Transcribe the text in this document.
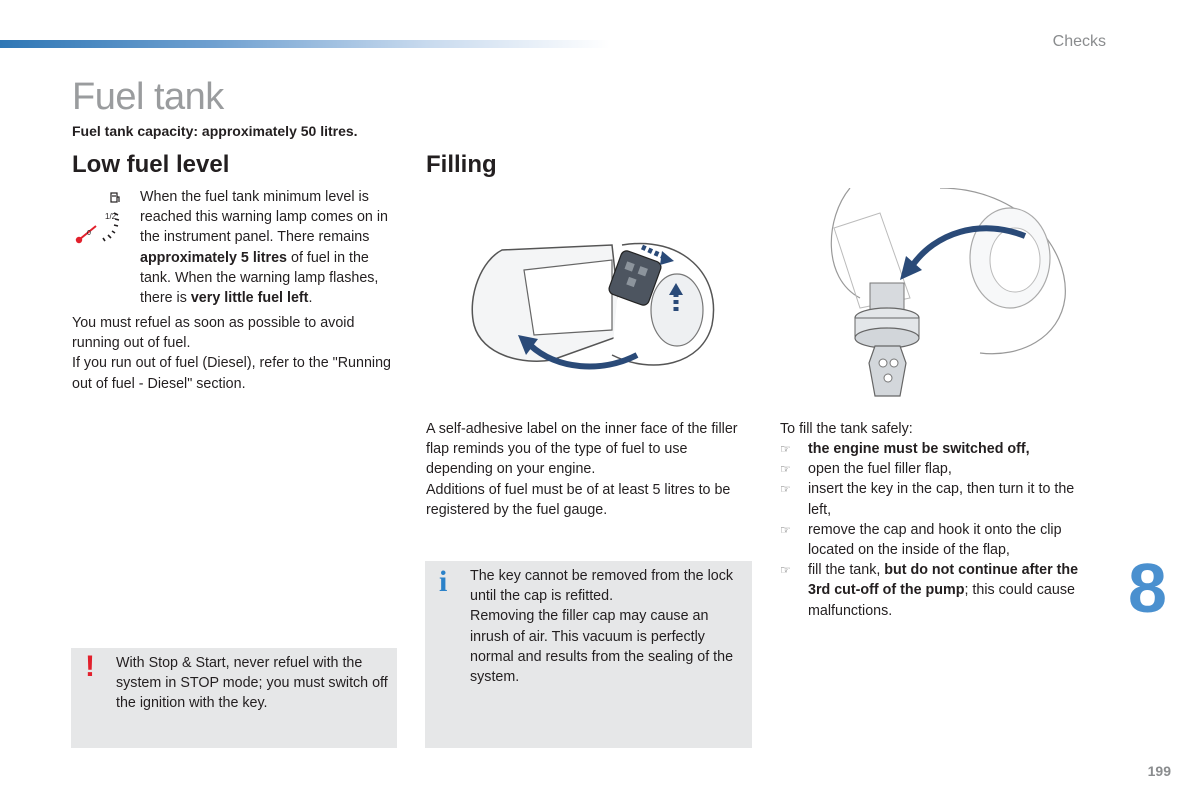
Checks
Fuel tank
Fuel tank capacity: approximately 50 litres.
Low fuel level	Filling
1/2
0

When the fuel tank minimum level is reached this warning lamp comes on in the instrument panel. There remains approximately 5 litres of fuel in the tank. When the warning lamp flashes, there is very little fuel left.

You must refuel as soon as possible to avoid running out of fuel.
If you run out of fuel (Diesel), refer to the "Running out of fuel - Diesel" section.
A self-adhesive label on the inner face of the filler flap reminds you of the type of fuel to use depending on your engine.
Additions of fuel must be of at least 5 litres to be registered by the fuel gauge.
To fill the tank safely:
☞ the engine must be switched off,
☞ open the fuel filler flap,
☞ insert the key in the cap, then turn it to the left,
☞ remove the cap and hook it onto the clip located on the inside of the flap,
☞ fill the tank, but do not continue after the 3rd cut-off of the pump; this could cause malfunctions.
i The key cannot be removed from the lock until the cap is refitted.
Removing the filler cap may cause an inrush of air. This vacuum is perfectly normal and results from the sealing of the system.
! With Stop & Start, never refuel with the system in STOP mode; you must switch off the ignition with the key.
8
199
